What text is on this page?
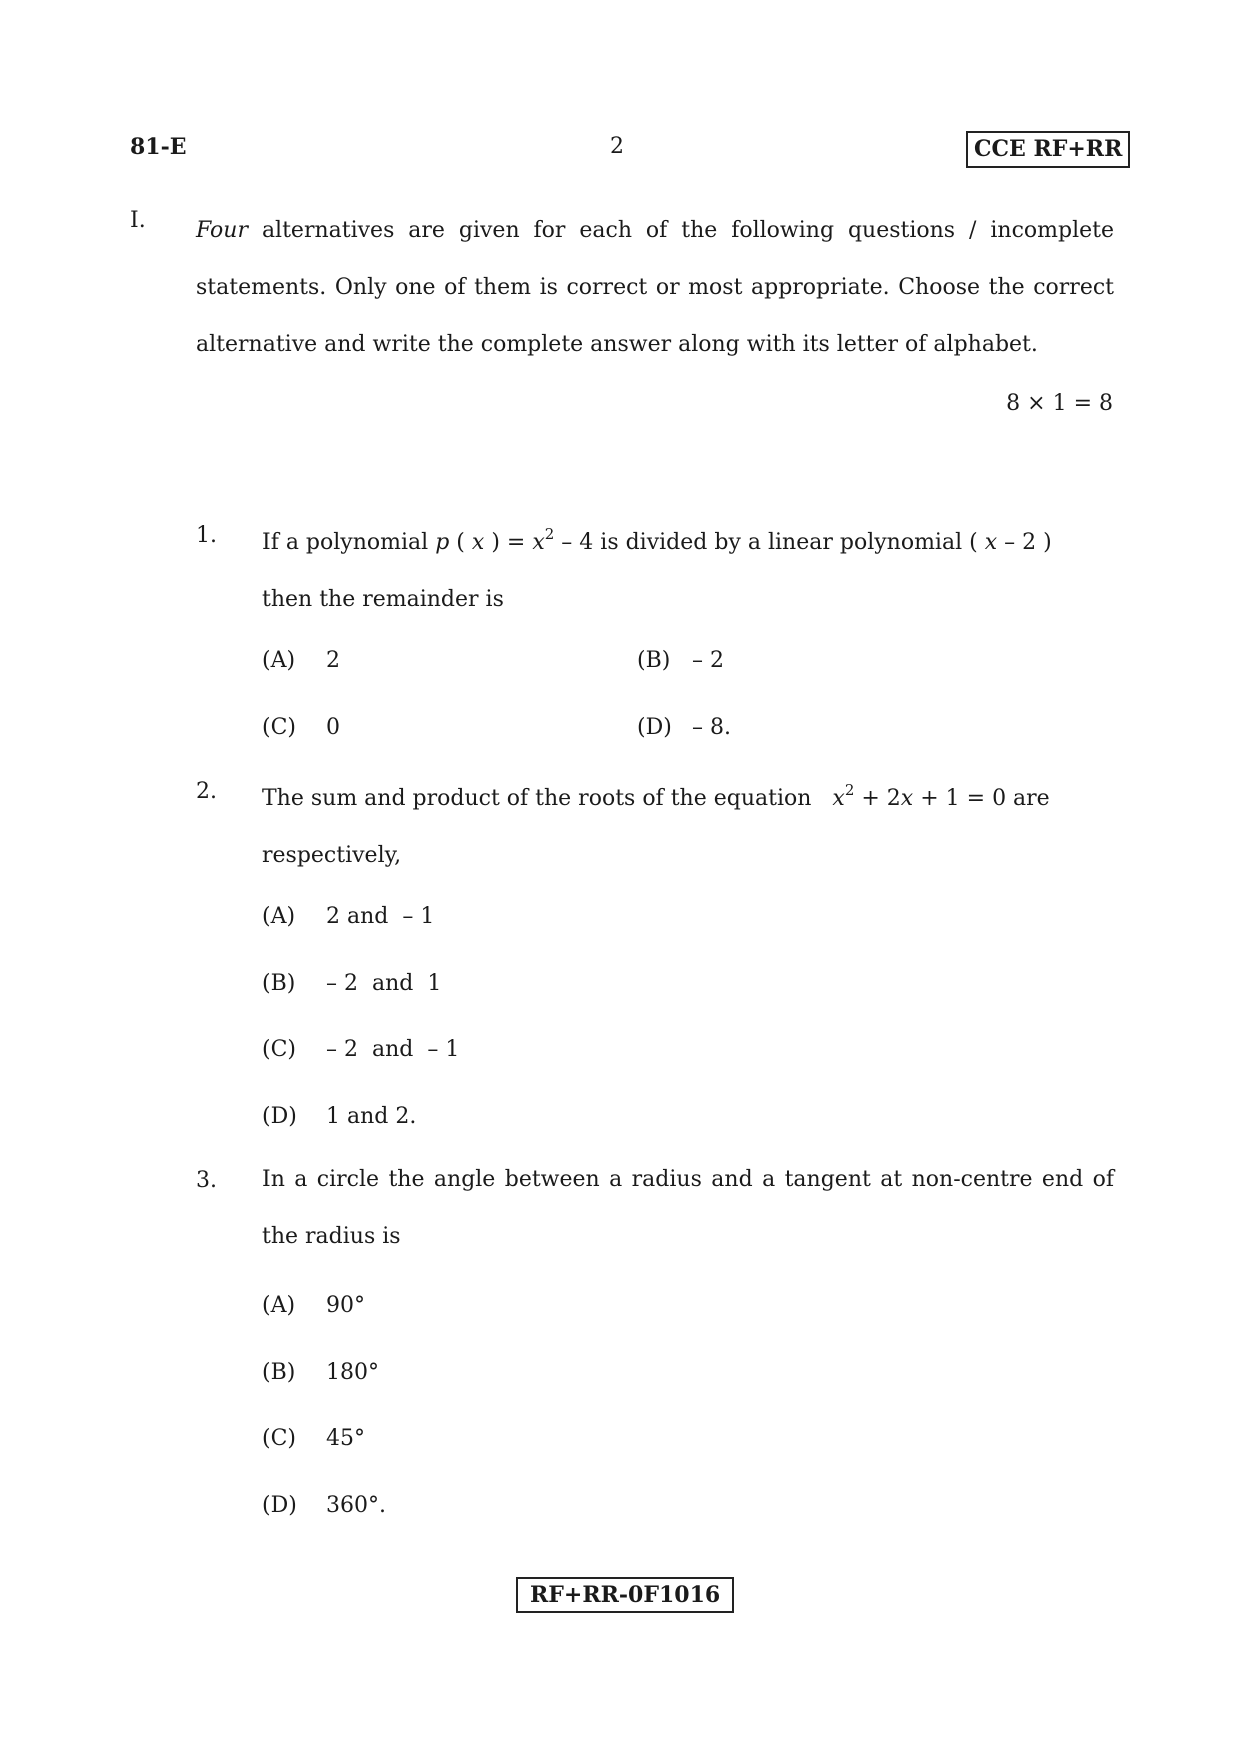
81-E	2	CCE RF+RR
I. Four alternatives are given for each of the following questions / incomplete statements. Only one of them is correct or most appropriate. Choose the correct alternative and write the complete answer along with its letter of alphabet.
8 × 1 = 8
1. If a polynomial p ( x ) = $x^2 - 4$ is divided by a linear polynomial ( x – 2 )
then the remainder is
(A) 2	(B) – 2
(C) 0	(D) – 8.
2. The sum and product of the roots of the equation $x^2 + 2x + 1 = 0$ are
respectively,
(A) 2 and  – 1
(B) – 2  and  1
(C) – 2  and  – 1
(D) 1 and 2.
3. In a circle the angle between a radius and a tangent at non-centre end of the radius is
(A) 90°
(B) 180°
(C) 45°
(D) 360°.
RF+RR-0F1016
